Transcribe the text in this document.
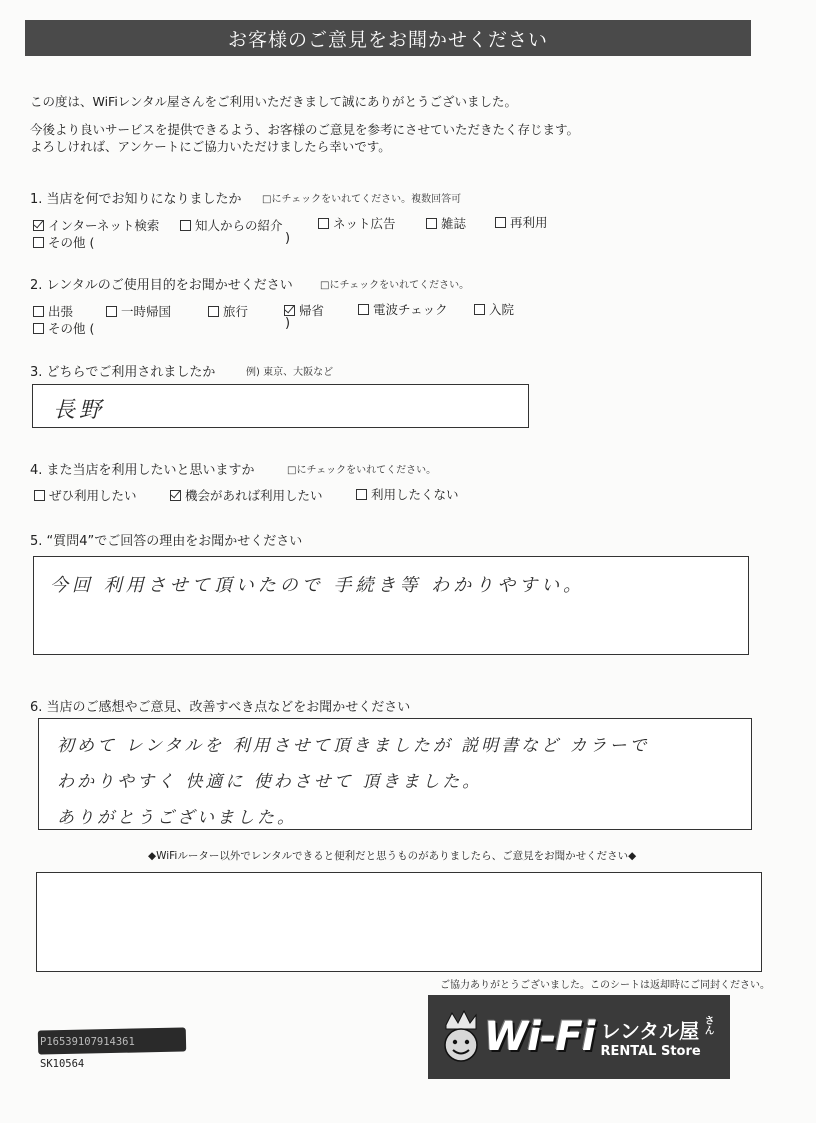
お客様のご意見をお聞かせください
この度は、WiFiレンタル屋さんをご利用いただきまして誠にありがとうございました。
今後より良いサービスを提供できるよう、お客様のご意見を参考にさせていただきたく存じます。
よろしければ、アンケートにご協力いただけましたら幸いです。
1. 当店を何でお知りになりましたか □にチェックをいれてください。複数回答可
インターネット検索	知人からの紹介	ネット広告	雑誌	再利用
その他 (	)
2. レンタルのご使用目的をお聞かせください	□にチェックをいれてください。
出張	一時帰国	旅行	帰省	電波チェック	入院
その他 (	)
3. どちらでご利用されましたか	例) 東京、大阪など
長野
4. また当店を利用したいと思いますか	□にチェックをいれてください。
ぜひ利用したい	機会があれば利用したい	利用したくない
5. “質問4”でご回答の理由をお聞かせください
今回 利用させて頂いたので 手続き等 わかりやすい。
6. 当店のご感想やご意見、改善すべき点などをお聞かせください
初めて レンタルを 利用させて頂きましたが 説明書など カラーで
わかりやすく 快適に 使わさせて 頂きました。
ありがとうございました。
◆WiFiルーター以外でレンタルできると便利だと思うものがありましたら、ご意見をお聞かせください◆
ご協力ありがとうございました。このシートは返却時にご同封ください。
Wi-Fi レンタル屋 さん
RENTAL Store
P16539107914361
SK10564
